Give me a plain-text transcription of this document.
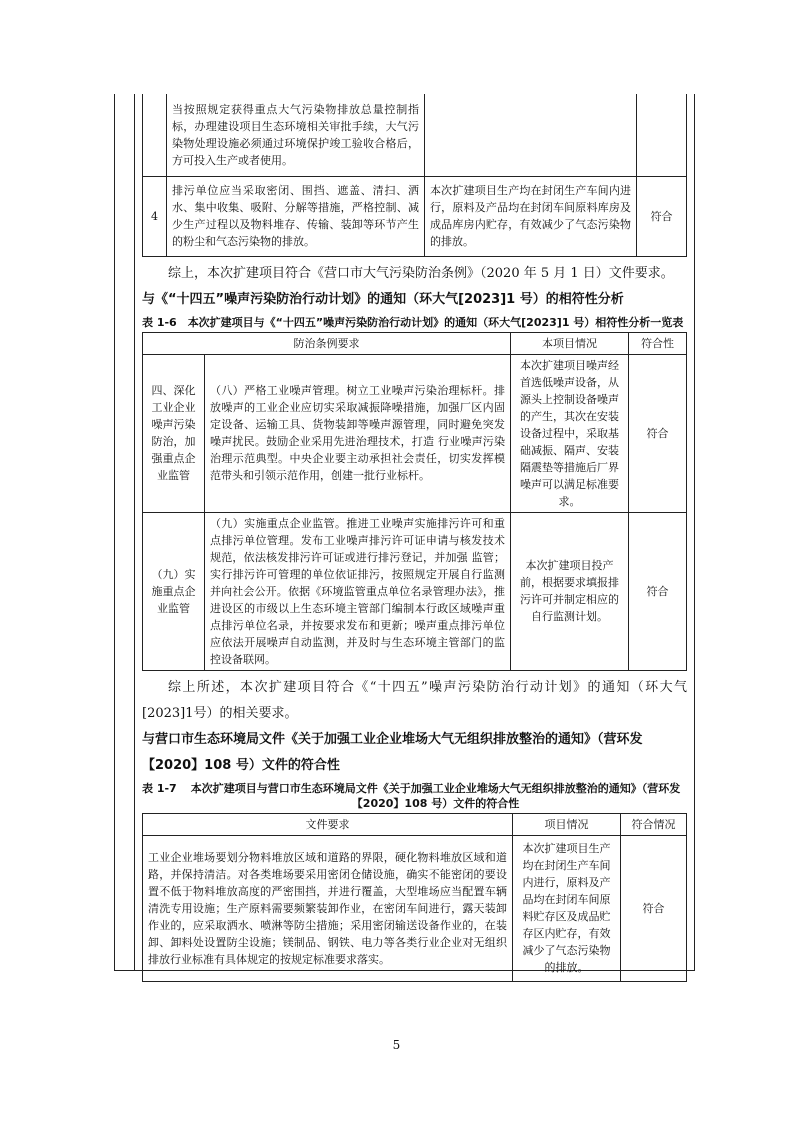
	当按照规定获得重点大气污染物排放总量控制指标，办理建设项目生态环境相关审批手续，大气污染物处理设施必须通过环境保护竣工验收合格后，方可投入生产或者使用。		
4	排污单位应当采取密闭、围挡、遮盖、清扫、洒水、集中收集、吸附、分解等措施，严格控制、减少生产过程以及物料堆存、传输、装卸等环节产生的粉尘和气态污染物的排放。	本次扩建项目生产均在封闭生产车间内进行，原料及产品均在封闭车间原料库房及成品库房内贮存，有效减少了气态污染物的排放。	符合

综上，本次扩建项目符合《营口市大气污染防治条例》（2020 年 5 月 1 日）文件要求。

与《“十四五”噪声污染防治行动计划》的通知（环大气[2023]1 号）的相符性分析

表 1-6 本次扩建项目与《“十四五”噪声污染防治行动计划》的通知（环大气[2023]1 号）相符性分析一览表
防治条例要求		本项目情况	符合性
四、深化工业企业噪声污染防治，加强重点企业监管	（八）严格工业噪声管理。树立工业噪声污染治理标杆。排放噪声的工业企业应切实采取减振降噪措施，加强厂区内固定设备、运输工具、货物装卸等噪声源管理，同时避免突发噪声扰民。鼓励企业采用先进治理技术，打造 行业噪声污染治理示范典型。中央企业要主动承担社会责任，切实发挥模范带头和引领示范作用，创建一批行业标杆。	本次扩建项目噪声经首选低噪声设备，从源头上控制设备噪声的产生，其次在安装设备过程中，采取基础减振、隔声、安装隔震垫等措施后厂界噪声可以满足标准要求。	符合
（九）实施重点企业监管	（九）实施重点企业监管。推进工业噪声实施排污许可和重点排污单位管理。发布工业噪声排污许可证申请与核发技术规范，依法核发排污许可证或进行排污登记，并加强 监管；实行排污许可管理的单位依证排污，按照规定开展自行监测并向社会公开。依据《环境监管重点单位名录管理办法》，推进设区的市级以上生态环境主管部门编制本行政区域噪声重点排污单位名录，并按要求发布和更新；噪声重点排污单位应依法开展噪声自动监测，并及时与生态环境主管部门的监控设备联网。	本次扩建项目投产前，根据要求填报排污许可并制定相应的自行监测计划。	符合

综上所述，本次扩建项目符合《“十四五”噪声污染防治行动计划》的通知（环大气[2023]1号）的相关要求。

与营口市生态环境局文件《关于加强工业企业堆场大气无组织排放整治的通知》（营环发【2020】108 号）文件的符合性

表 1-7	本次扩建项目与营口市生态环境局文件《关于加强工业企业堆场大气无组织排放整治的通知》（营环发【2020】108 号）文件的符合性
文件要求	项目情况	符合情况
工业企业堆场要划分物料堆放区域和道路的界限，硬化物料堆放区域和道路，并保持清洁。对各类堆场要采用密闭仓储设施，确实不能密闭的要设置不低于物料堆放高度的严密围挡，并进行覆盖，大型堆场应当配置车辆清洗专用设施；生产原料需要频繁装卸作业，在密闭车间进行，露天装卸作业的，应采取洒水、喷淋等防尘措施；采用密闭输送设备作业的，在装卸、卸料处设置防尘设施；镁制品、钢铁、电力等各类行业企业对无组织排放行业标准有具体规定的按规定标准要求落实。	本次扩建项目生产均在封闭生产车间内进行，原料及产品均在封闭车间原料贮存区及成品贮存区内贮存，有效减少了气态污染物的排放。	符合
5
